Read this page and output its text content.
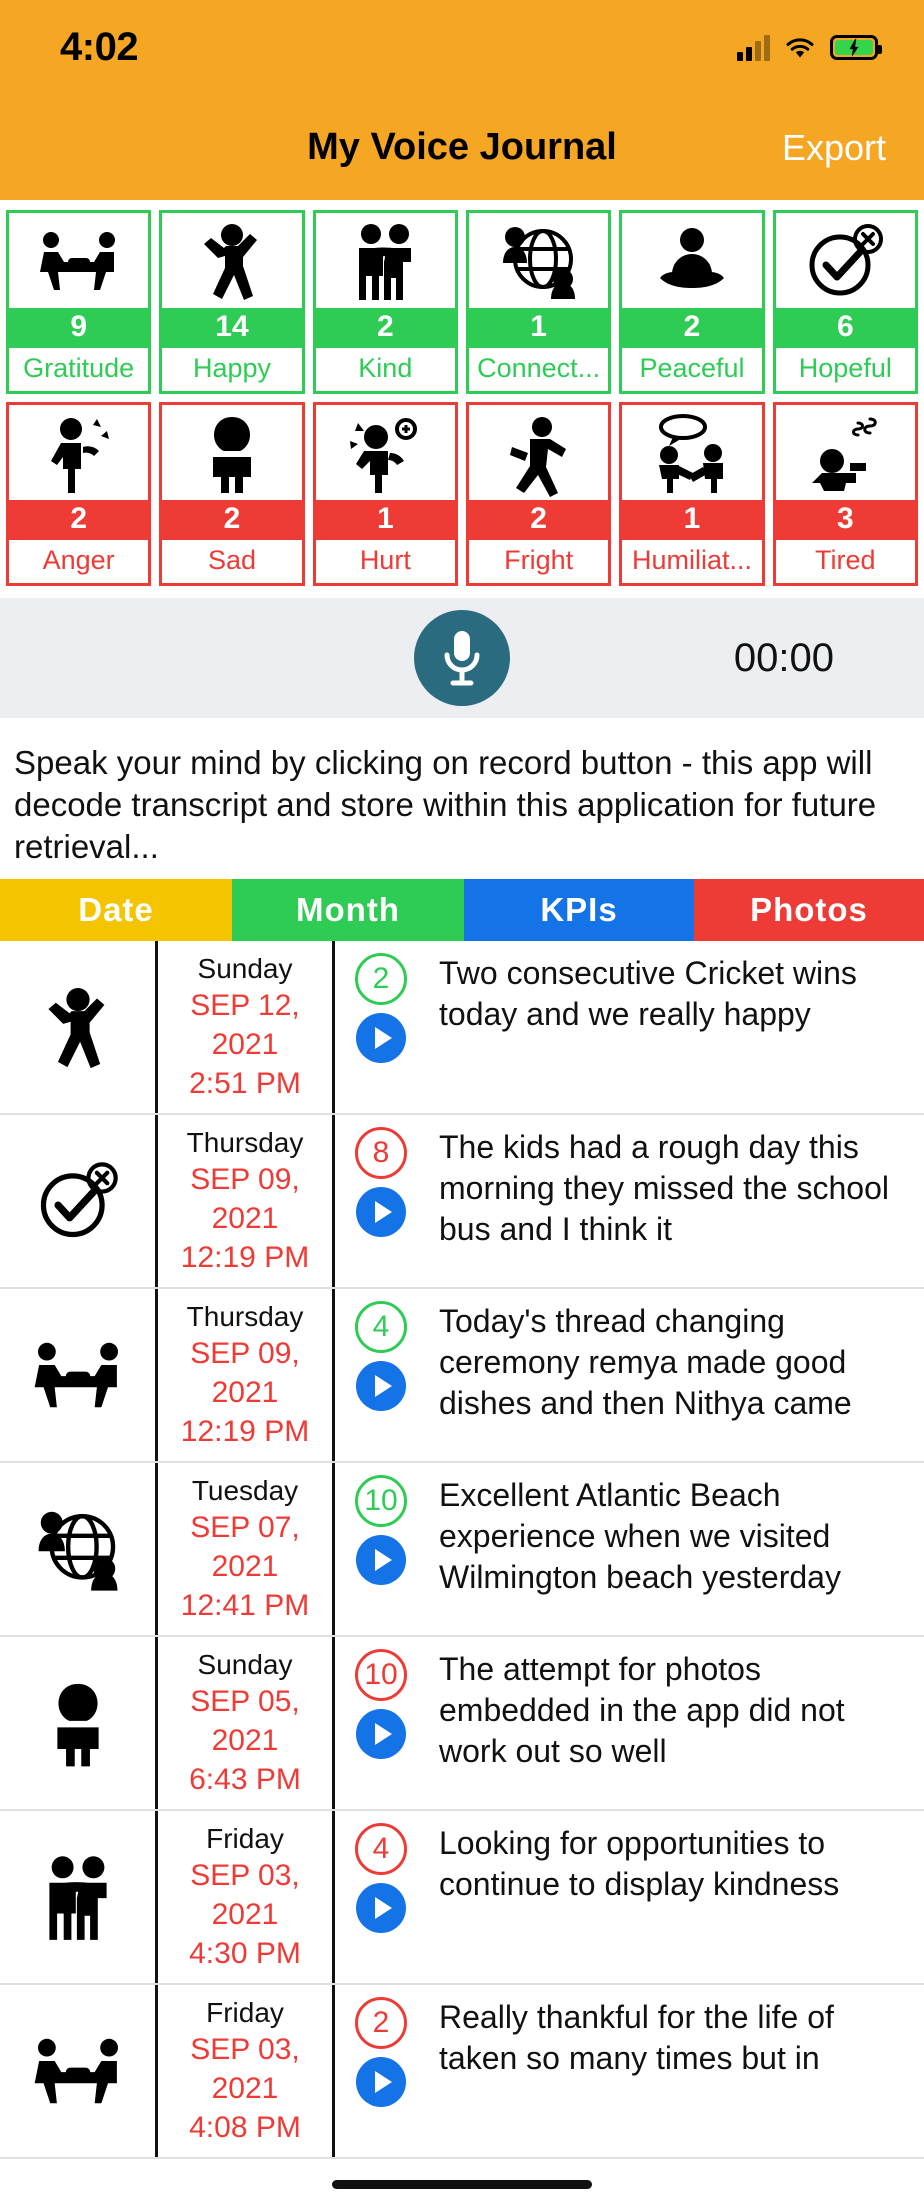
4:02
My Voice Journal	Export
9
Gratitude
14
Happy
2
Kind
1
Connect...
2
Peaceful
6
Hopeful
2
Anger
2
Sad
1
Hurt
2
Fright
1
Humiliat...
3
Tired
00:00
Speak your mind by clicking on record button - this app will decode transcript and store within this application for future retrieval...
Date	Month	KPIs	Photos
Sunday
SEP 12, 2021
2:51 PM
2	Two consecutive Cricket wins today and we really happy
Thursday
SEP 09, 2021
12:19 PM
8	The kids had a rough day this morning they missed the school bus and I think it
Thursday
SEP 09, 2021
12:19 PM
4	Today's thread changing ceremony remya made good dishes and then Nithya came
Tuesday
SEP 07, 2021
12:41 PM
10	Excellent Atlantic Beach experience when we visited Wilmington beach yesterday
Sunday
SEP 05, 2021
6:43 PM
10	The attempt for photos embedded in the app did not work out so well
Friday
SEP 03, 2021
4:30 PM
4	Looking for opportunities to continue to display kindness
Friday
SEP 03, 2021
4:08 PM
2	Really thankful for the life of taken so many times but in
